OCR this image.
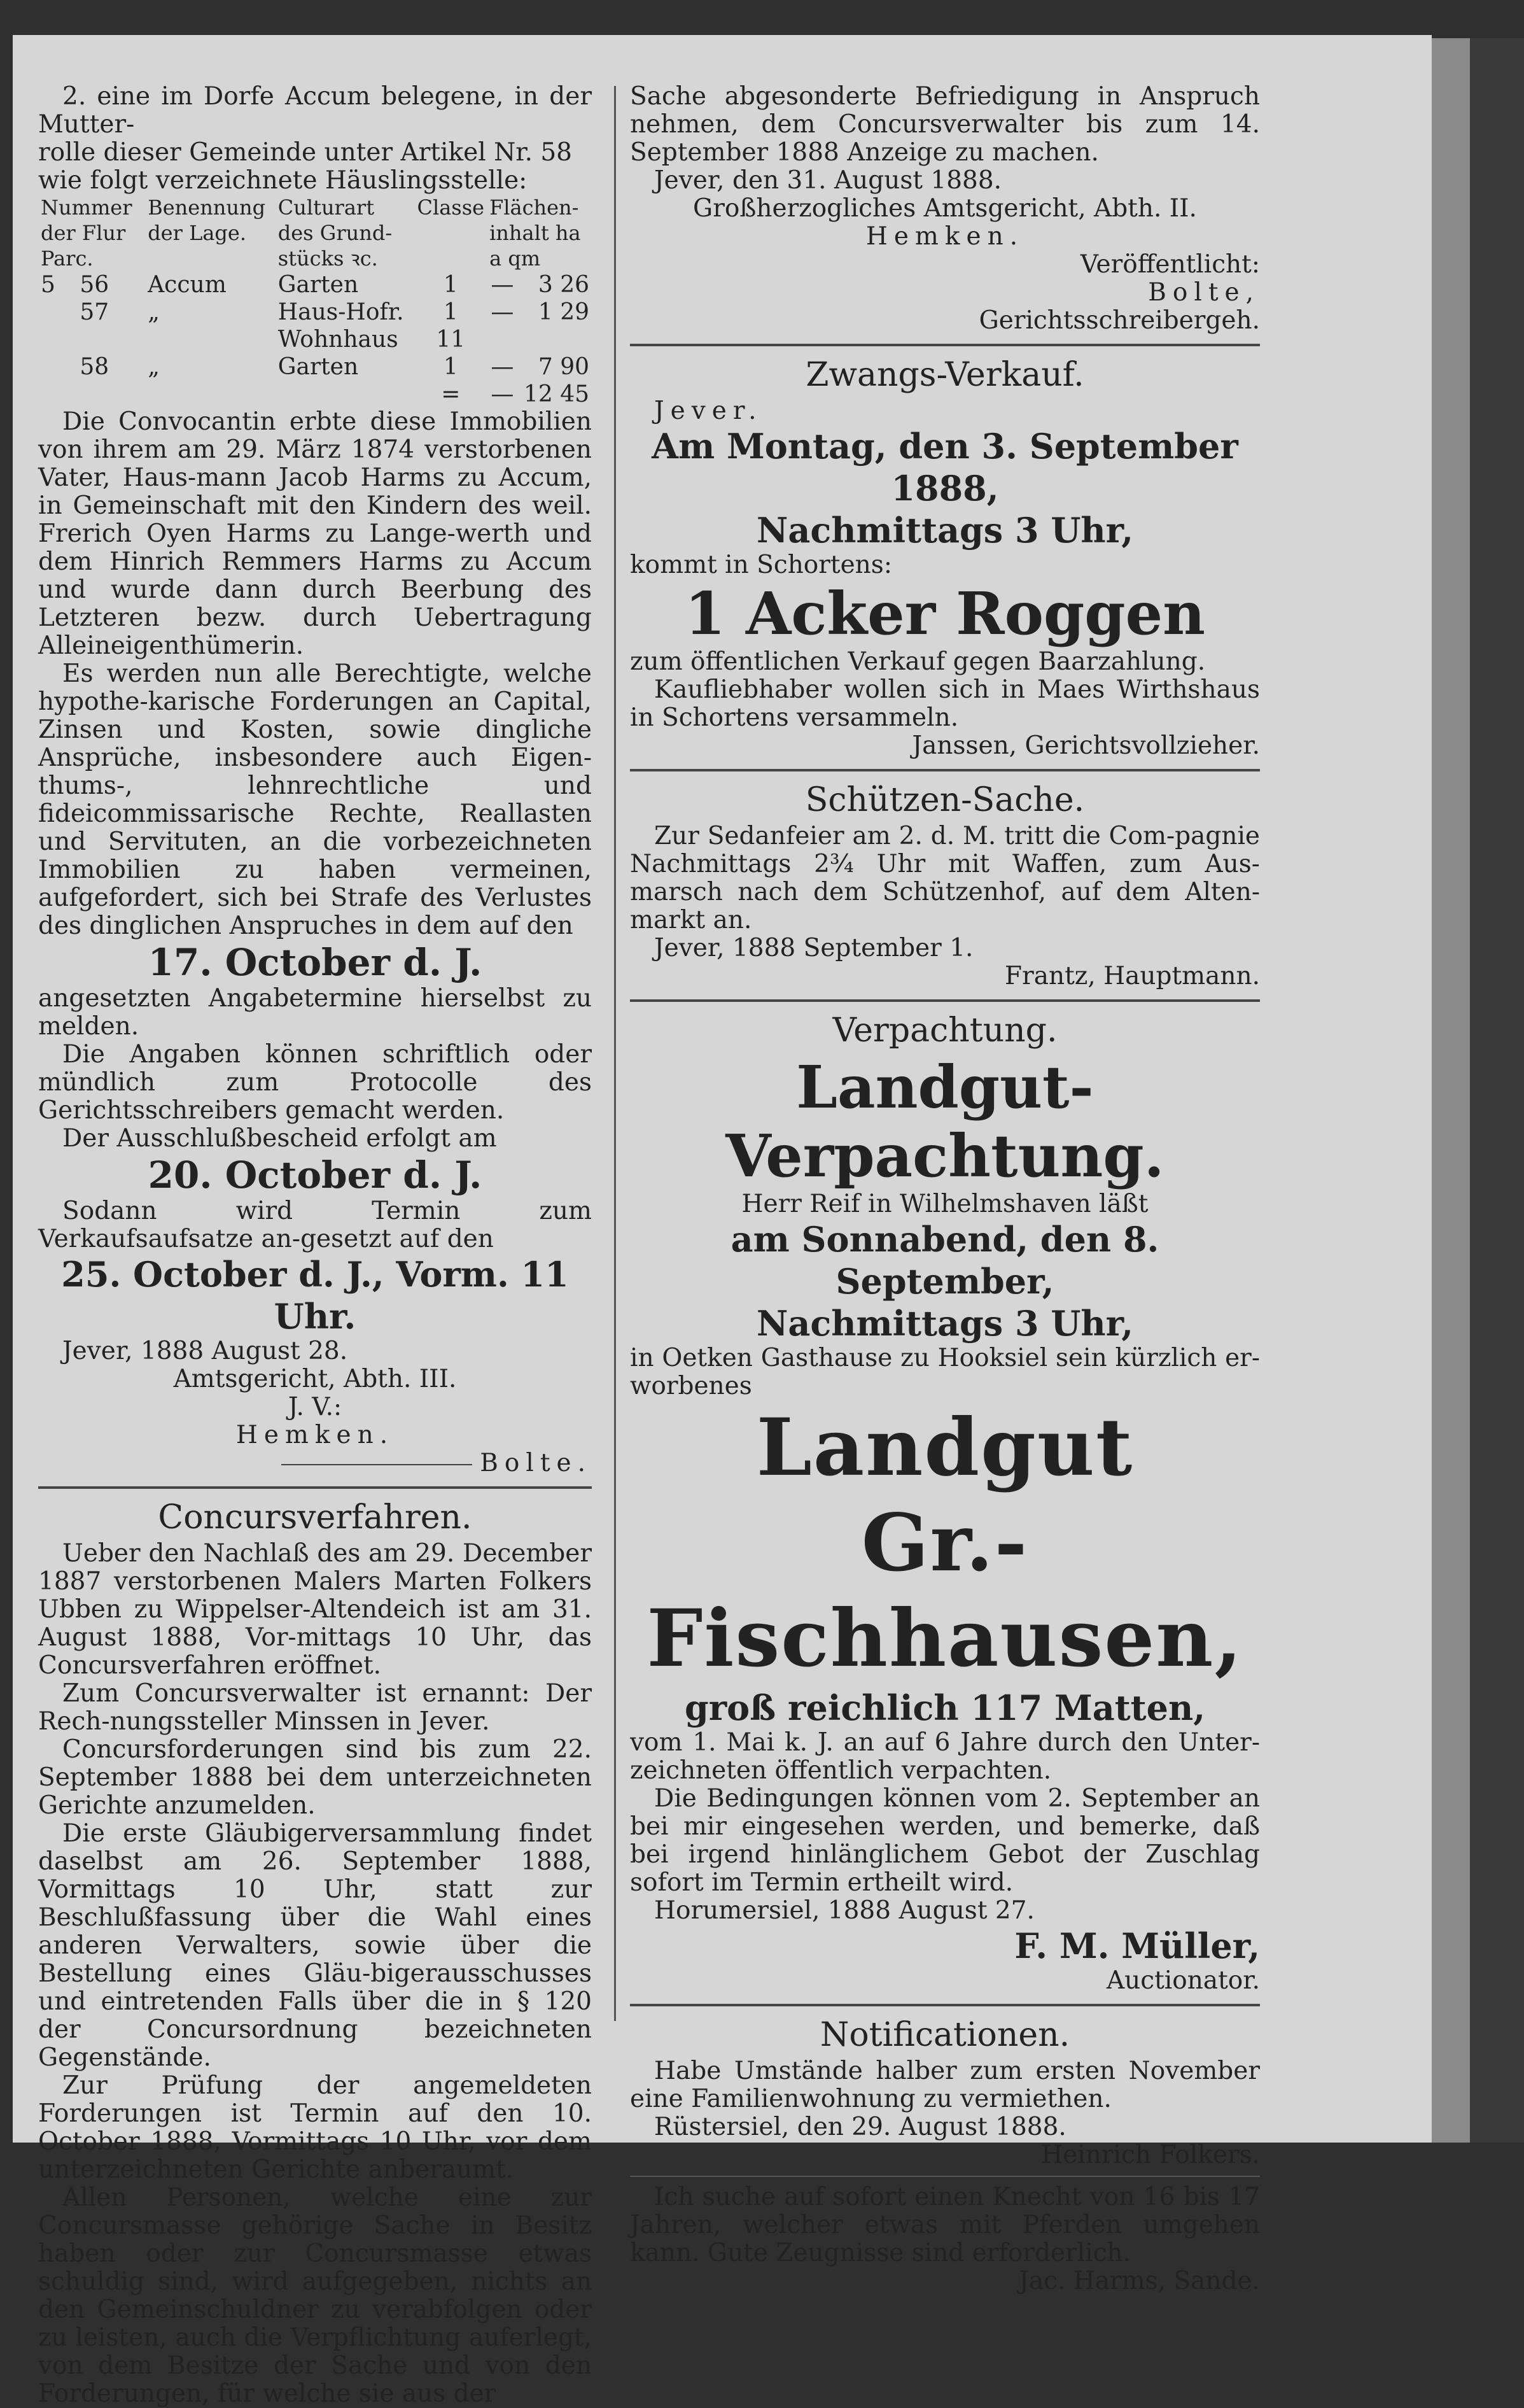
2. eine im Dorfe Accum belegene, in der Mutter-

rolle dieser Gemeinde unter Artikel Nr. 58

wie folgt verzeichnete Häuslingsstelle:

Nummer der Flur Parc.		Benennung der Lage.	Culturart des Grund-stücks ꝛc.	Classe	Flächen-inhalt ha a qm	
5	56	Accum	Garten	1	—	3 26
	57	„	Haus-Hofr.	1	—	1 29
			Wohnhaus	11		
	58	„	Garten	1	—	7 90
				=	—	12 45

Die Convocantin erbte diese Immobilien von ihrem am 29. März 1874 verstorbenen Vater, Haus-mann Jacob Harms zu Accum, in Gemeinschaft mit den Kindern des weil. Frerich Oyen Harms zu Lange-werth und dem Hinrich Remmers Harms zu Accum und wurde dann durch Beerbung des Letzteren bezw. durch Uebertragung Alleineigenthümerin.

Es werden nun alle Berechtigte, welche hypothe-karische Forderungen an Capital, Zinsen und Kosten, sowie dingliche Ansprüche, insbesondere auch Eigen-thums-, lehnrechtliche und fideicommissarische Rechte, Reallasten und Servituten, an die vorbezeichneten Immobilien zu haben vermeinen, aufgefordert, sich bei Strafe des Verlustes des dinglichen Anspruches in dem auf den

17. October d. J.

angesetzten Angabetermine hierselbst zu melden.

Die Angaben können schriftlich oder mündlich zum Protocolle des Gerichtsschreibers gemacht werden.

Der Ausschlußbescheid erfolgt am

20. October d. J.

Sodann wird Termin zum Verkaufsaufsatze an-gesetzt auf den

25. October d. J., Vorm. 11 Uhr.

Jever, 1888 August 28.

Amtsgericht, Abth. III.

J. V.:

Hemken.

Bolte.

Concursverfahren.

Ueber den Nachlaß des am 29. December 1887 verstorbenen Malers Marten Folkers Ubben zu Wippelser-Altendeich ist am 31. August 1888, Vor-mittags 10 Uhr, das Concursverfahren eröffnet.

Zum Concursverwalter ist ernannt: Der Rech-nungssteller Minssen in Jever.

Concursforderungen sind bis zum 22. September 1888 bei dem unterzeichneten Gerichte anzumelden.

Die erste Gläubigerversammlung findet daselbst am 26. September 1888, Vormittags 10 Uhr, statt zur Beschlußfassung über die Wahl eines anderen Verwalters, sowie über die Bestellung eines Gläu-bigerausschusses und eintretenden Falls über die in § 120 der Concursordnung bezeichneten Gegenstände.

Zur Prüfung der angemeldeten Forderungen ist Termin auf den 10. October 1888, Vormittags 10 Uhr, vor dem unterzeichneten Gerichte anberaumt.

Allen Personen, welche eine zur Concursmasse gehörige Sache in Besitz haben oder zur Concursmasse etwas schuldig sind, wird aufgegeben, nichts an den Gemeinschuldner zu verabfolgen oder zu leisten, auch die Verpflichtung auferlegt, von dem Besitze der Sache und von den Forderungen, für welche sie aus der

Sache abgesonderte Befriedigung in Anspruch nehmen, dem Concursverwalter bis zum 14. September 1888 Anzeige zu machen.

Jever, den 31. August 1888.

Großherzogliches Amtsgericht, Abth. II.

Hemken.

Veröffentlicht:

Bolte,

Gerichtsschreibergeh.

Zwangs-Verkauf.

Jever.

Am Montag, den 3. September 1888,

Nachmittags 3 Uhr,

kommt in Schortens:

1 Acker Roggen

zum öffentlichen Verkauf gegen Baarzahlung.

Kaufliebhaber wollen sich in Maes Wirthshaus in Schortens versammeln.

Janssen, Gerichtsvollzieher.

Schützen-Sache.

Zur Sedanfeier am 2. d. M. tritt die Com-pagnie Nachmittags 2¾ Uhr mit Waffen, zum Aus-marsch nach dem Schützenhof, auf dem Alten-markt an.

Jever, 1888 September 1.

Frantz, Hauptmann.

Verpachtung.

Landgut-Verpachtung.

Herr Reif in Wilhelmshaven läßt

am Sonnabend, den 8. September,

Nachmittags 3 Uhr,

in Oetken Gasthause zu Hooksiel sein kürzlich er-worbenes

Landgut

Gr.-Fischhausen,

groß reichlich 117 Matten,

vom 1. Mai k. J. an auf 6 Jahre durch den Unter-zeichneten öffentlich verpachten.

Die Bedingungen können vom 2. September an bei mir eingesehen werden, und bemerke, daß bei irgend hinlänglichem Gebot der Zuschlag sofort im Termin ertheilt wird.

Horumersiel, 1888 August 27.

F. M. Müller,

Auctionator.

Notificationen.

Habe Umstände halber zum ersten November eine Familienwohnung zu vermiethen.

Rüstersiel, den 29. August 1888.

Heinrich Folkers.

Ich suche auf sofort einen Knecht von 16 bis 17 Jahren, welcher etwas mit Pferden umgehen kann. Gute Zeugnisse sind erforderlich.

Jac. Harms, Sande.
